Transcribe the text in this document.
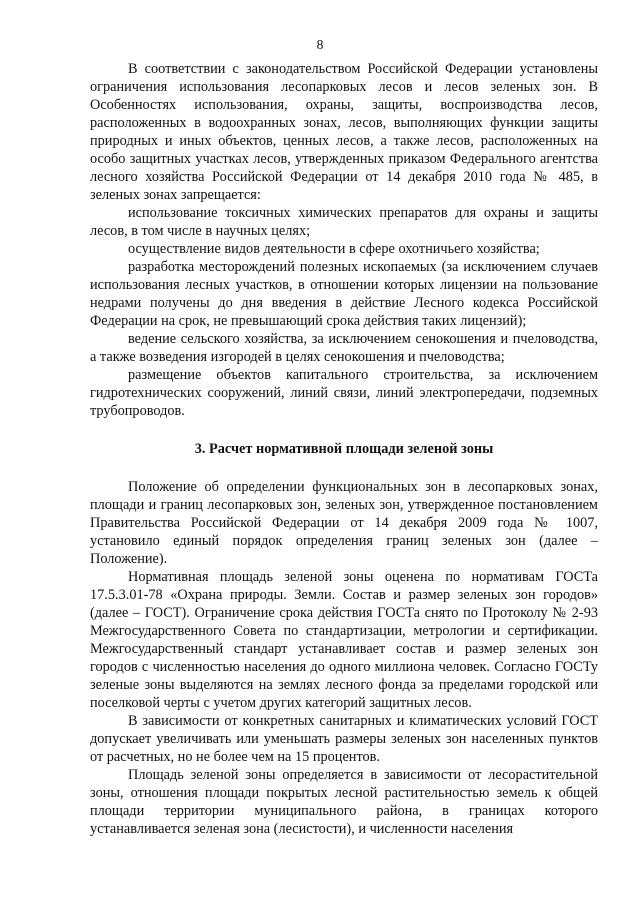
8

В соответствии с законодательством Российской Федерации установлены ограничения использования лесопарковых лесов и лесов зеленых зон. В Особенностях использования, охраны, защиты, воспроизводства лесов, расположенных в водоохранных зонах, лесов, выполняющих функции защиты природных и иных объектов, ценных лесов, а также лесов, расположенных на особо защитных участках лесов, утвержденных приказом Федерального агентства лесного хозяйства Российской Федерации от 14 декабря 2010 года № 485, в зеленых зонах запрещается:

использование токсичных химических препаратов для охраны и защиты лесов, в том числе в научных целях;

осуществление видов деятельности в сфере охотничьего хозяйства;

разработка месторождений полезных ископаемых (за исключением случаев использования лесных участков, в отношении которых лицензии на пользование недрами получены до дня введения в действие Лесного кодекса Российской Федерации на срок, не превышающий срока действия таких лицензий);

ведение сельского хозяйства, за исключением сенокошения и пчеловодства, а также возведения изгородей в целях сенокошения и пчеловодства;

размещение объектов капитального строительства, за исключением гидротехнических сооружений, линий связи, линий электропередачи, подземных трубопроводов.

3. Расчет нормативной площади зеленой зоны

Положение об определении функциональных зон в лесопарковых зонах, площади и границ лесопарковых зон, зеленых зон, утвержденное постановлением Правительства Российской Федерации от 14 декабря 2009 года № 1007, установило единый порядок определения границ зеленых зон (далее – Положение).

Нормативная площадь зеленой зоны оценена по нормативам ГОСТа 17.5.3.01-78 «Охрана природы. Земли. Состав и размер зеленых зон городов» (далее – ГОСТ). Ограничение срока действия ГОСТа снято по Протоколу № 2-93 Межгосударственного Совета по стандартизации, метрологии и сертификации. Межгосударственный стандарт устанавливает состав и размер зеленых зон городов с численностью населения до одного миллиона человек. Согласно ГОСТу зеленые зоны выделяются на землях лесного фонда за пределами городской или поселковой черты с учетом других категорий защитных лесов.

В зависимости от конкретных санитарных и климатических условий ГОСТ допускает увеличивать или уменьшать размеры зеленых зон населенных пунктов от расчетных, но не более чем на 15 процентов.

Площадь зеленой зоны определяется в зависимости от лесорастительной зоны, отношения площади покрытых лесной растительностью земель к общей площади территории муниципального района, в границах которого устанавливается зеленая зона (лесистости), и численности населения
